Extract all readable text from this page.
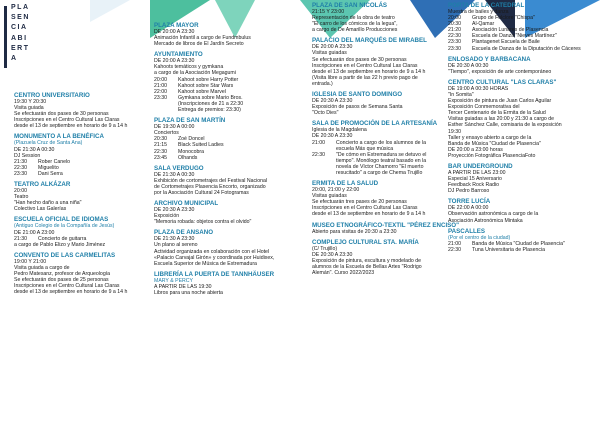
PLA
SEN
CIA
ABI
ERT
A
CENTRO UNIVERSITARIO
19:30 Y 20:30
Visita guiada
Se efectuarán dos pases de 30 personas
Inscripciones en el Centro Cultural Las Claras
desde el 13 de septiembre en horario de 9 a 14 h
MONUMENTO A LA BENÉFICA
(Plazuela Cruz de Santa Ana)
DE 21:30 A 00:30
DJ Session
21:30	Rober Canelo
22:30	Miguelito
23:30	Dani Serra
TEATRO ALKÁZAR
20:00
Teatro
"Han hecho daño a una niña"
Colectivo Las Galerías
ESCUELA OFICIAL DE IDIOMAS
(Antiguo Colegio de la Compañía de Jesús)
DE 21:00 A 23:00
21:30	Concierto de guitarra
a cargo de Pablo Elizo y Mario Jiménez
CONVENTO DE LAS CARMELITAS
19:00 Y 21:00
Visita guiada a cargo de
Pedro Matesanz, profesor de Arqueología
Se efectuarán dos pases de 25 personas
Inscripciones en el Centro Cultural Las Claras
desde el 13 de septiembre en horario de 9 a 14 h
PLAZA MAYOR
DE 20:00 A 23:30
Animación Infantil a cargo de Fundmbulus
Mercado de libros de El Jardín Secreto
AYUNTAMIENTO
DE 20:00 A 23:30
Kahoots temáticos y gymkana
a cargo de la Asociación Megagumi
20:00	Kahoot sobre Harry Potter
21:00	Kahoot sobre Star Wars
22:00	Kahoot sobre Marvel
23:30	Gymkana sobre Mario Bros.
(Inscripciones de 21 a 22:30
Entrega de premios: 23:30)
PLAZA DE SAN MARTÍN
DE 19:30 A 00:00
Conciertos
20:30	Zoé Doncel
21:15	Black Suited Ladies
22:30	Monocobra
23:45	Olhands
SALA VERDUGO
DE 21:30 A 00:30
Exhibición de cortometrajes del Festival Nacional
de Cortometrajes Plasencia Encorto, organizado
por la Asociación Cultural 24 Fotogramas
ARCHIVO MUNICIPAL
DE 20:30 A 23:30
Exposición
"Memoria robada: objetos contra el olvido"
PLAZA DE ANSANO
DE 21:30 A 23:30
Un plano al sereno
Actividad organizada en colaboración con el Hotel
«Palacio Carvajal Girón» y coordinada por Huidixex,
Escuela Superior de Música de Extremadura
LIBRERÍA LA PUERTA DE TANNHÄUSER
MARY & PERCY
A PARTIR DE LAS 19:30
Libros para una noche abierta
PLAZA DE SAN NICOLÁS
21:15 Y 23:00
Representación de la obra de teatro
"El carro de los cómicos de la legua",
a cargo de De Amarillo Producciones
PALACIO DEL MARQUÉS DE MIRABEL
DE 20:00 A 23:30
Visitas guiadas
Se efectuarán dos pases de 30 personas
Inscripciones en el Centro Cultural Las Claras
desde el 13 de septiembre en horario de 9 a 14 h
(Visita libre a partir de las 22 h previo pago de
entrada.)
IGLESIA DE SANTO DOMINGO
DE 20:30 A 23:30
Exposición de pasos de Semana Santa
"Octo Dies"
SALA DE PROMOCIÓN DE LA ARTESANÍA
Iglesia de la Magdalena
DE 20:30 A 23:30
21:00	Concierto a cargo de los alumnos de la
escuela Más que música
22:30	"De cómo en Extremadura se detuvo el
tiempo". Monólogo teatral basado en la
novela de Víctor Chamorro "El muerto
resucitado" a cargo de Chema Trujillo
ERMITA DE LA SALUD
20:00, 21:00 y 22:00
Visitas guiadas
Se efectuarán tres pases de 20 personas
Inscripciones en el Centro Cultural Las Claras
desde el 13 de septiembre en horario de 9 a 14 h
MUSEO ETNOGRÁFICO-TEXTIL "PÉREZ ENCISO"
Abierto para visitas de 20:30 a 23:30
COMPLEJO CULTURAL STA. MARÍA
(C/ Trujillo)
DE 20:30 A 23:30
Exposición de pintura, escultura y modelado de
alumnos de la Escuela de Bellas Artes "Rodrigo
Alemán". Curso 2022/2023
PORTA DE LA CATEDRAL
Muestra de bailes y danza
20:00	Grupo de Folclore "Chispa"
20:30	Al-Qamar
21:20	Asociación Lunares de Plasencia
22:30	Escuela de Danza "Nieves Martínez"
23:30	Plantagenet Escuela de Baile
23:30	Escuela de Danza de la Diputación de Cáceres
ENLOSADO Y BARBACANA
DE 20:30 A 00:30
"Tiempo", exposición de arte contemporáneo
CENTRO CULTURAL "LAS CLARAS"
DE 19:00 A 00:30 HORAS
"In Somita"
Exposición de pintura de Juan Carlos Aguilar
Exposición Conmemorativa del
Tercer Centenario de la Ermita de la Salud
Visitas guiadas a las 20:00 y 21:30 a cargo de
Esther Sánchez Calle, comisaria de la exposición
19:30
Taller y ensayo abierto a cargo de la
Banda de Música "Ciudad de Plasencia"
DE 20:00 a 23:00 horas
Proyección Fotográfica PlasenciaFoto
BAR UNDERGROUND
A PARTIR DE LAS 23:00
Especial 15 Aniversario
Feedback Rock Radio
DJ Pedro Barroso
TORRE LUCÍA
DE 22:00 A 00:00
Observación astronómica a cargo de la
Asociación Astronómica Mintaka
PASCALLES
(Por el centro de la ciudad)
21:00	Banda de Música "Ciudad de Plasencia"
22:30	Tuna Universitaria de Plasencia
